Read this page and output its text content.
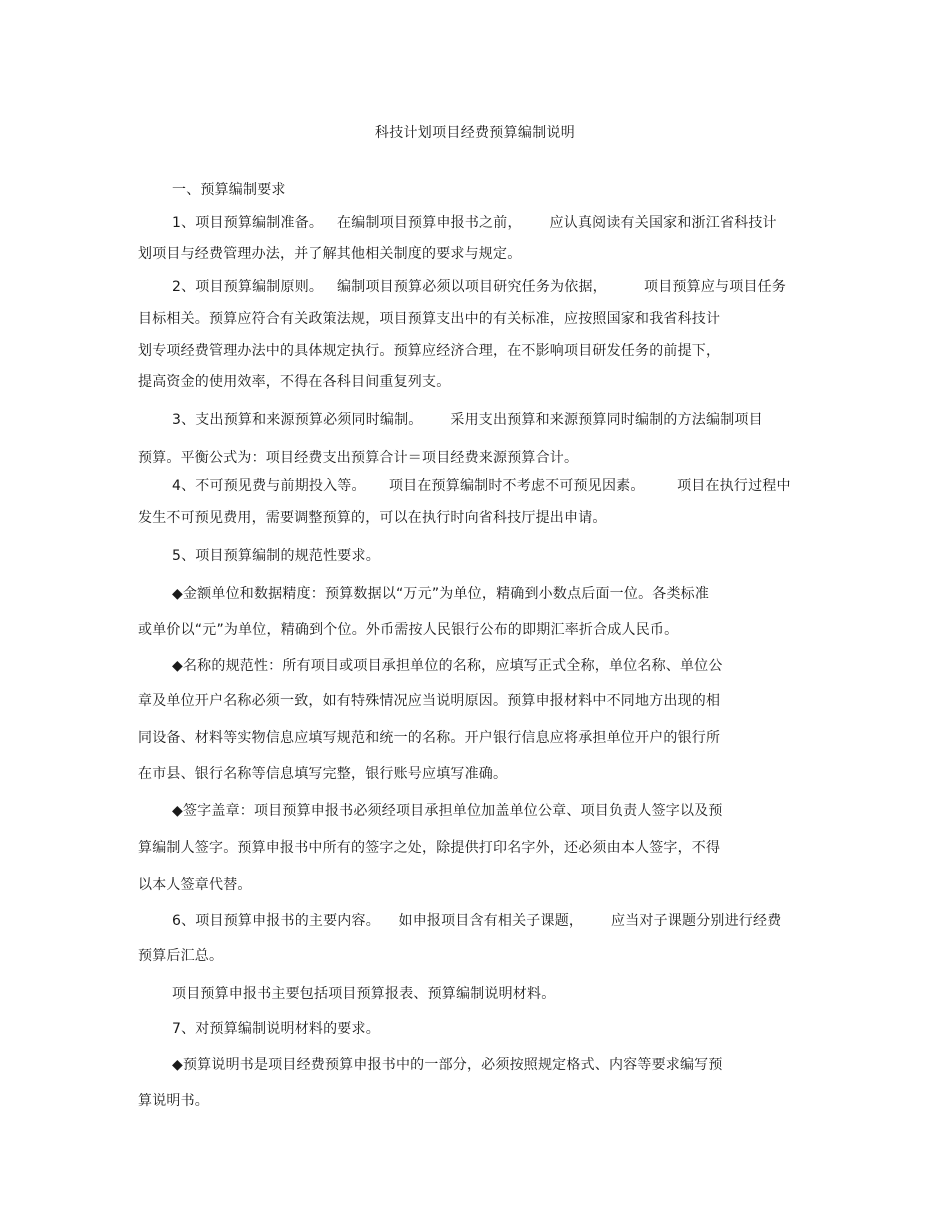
科技计划项目经费预算编制说明
一、预算编制要求
1、项目预算编制准备。   在编制项目预算申报书之前，      应认真阅读有关国家和浙江省科技计
划项目与经费管理办法，并了解其他相关制度的要求与规定。
2、项目预算编制原则。   编制项目预算必须以项目研究任务为依据，        项目预算应与项目任务
目标相关。预算应符合有关政策法规，项目预算支出中的有关标准，应按照国家和我省科技计
划专项经费管理办法中的具体规定执行。预算应经济合理，在不影响项目研发任务的前提下，
提高资金的使用效率，不得在各科目间重复列支。
3、支出预算和来源预算必须同时编制。      采用支出预算和来源预算同时编制的方法编制项目
预算。平衡公式为：项目经费支出预算合计＝项目经费来源预算合计。
4、不可预见费与前期投入等。     项目在预算编制时不考虑不可预见因素。       项目在执行过程中
发生不可预见费用，需要调整预算的，可以在执行时向省科技厅提出申请。
5、项目预算编制的规范性要求。
◆金额单位和数据精度：预算数据以“万元”为单位，精确到小数点后面一位。各类标准
或单价以“元”为单位，精确到个位。外币需按人民银行公布的即期汇率折合成人民币。
◆名称的规范性：所有项目或项目承担单位的名称，应填写正式全称，单位名称、单位公
章及单位开户名称必须一致，如有特殊情况应当说明原因。预算申报材料中不同地方出现的相
同设备、材料等实物信息应填写规范和统一的名称。开户银行信息应将承担单位开户的银行所
在市县、银行名称等信息填写完整，银行账号应填写准确。
◆签字盖章：项目预算申报书必须经项目承担单位加盖单位公章、项目负责人签字以及预
算编制人签字。预算申报书中所有的签字之处，除提供打印名字外，还必须由本人签字，不得
以本人签章代替。
6、项目预算申报书的主要内容。    如申报项目含有相关子课题，      应当对子课题分别进行经费
预算后汇总。
项目预算申报书主要包括项目预算报表、预算编制说明材料。
7、对预算编制说明材料的要求。
◆预算说明书是项目经费预算申报书中的一部分，必须按照规定格式、内容等要求编写预
算说明书。
